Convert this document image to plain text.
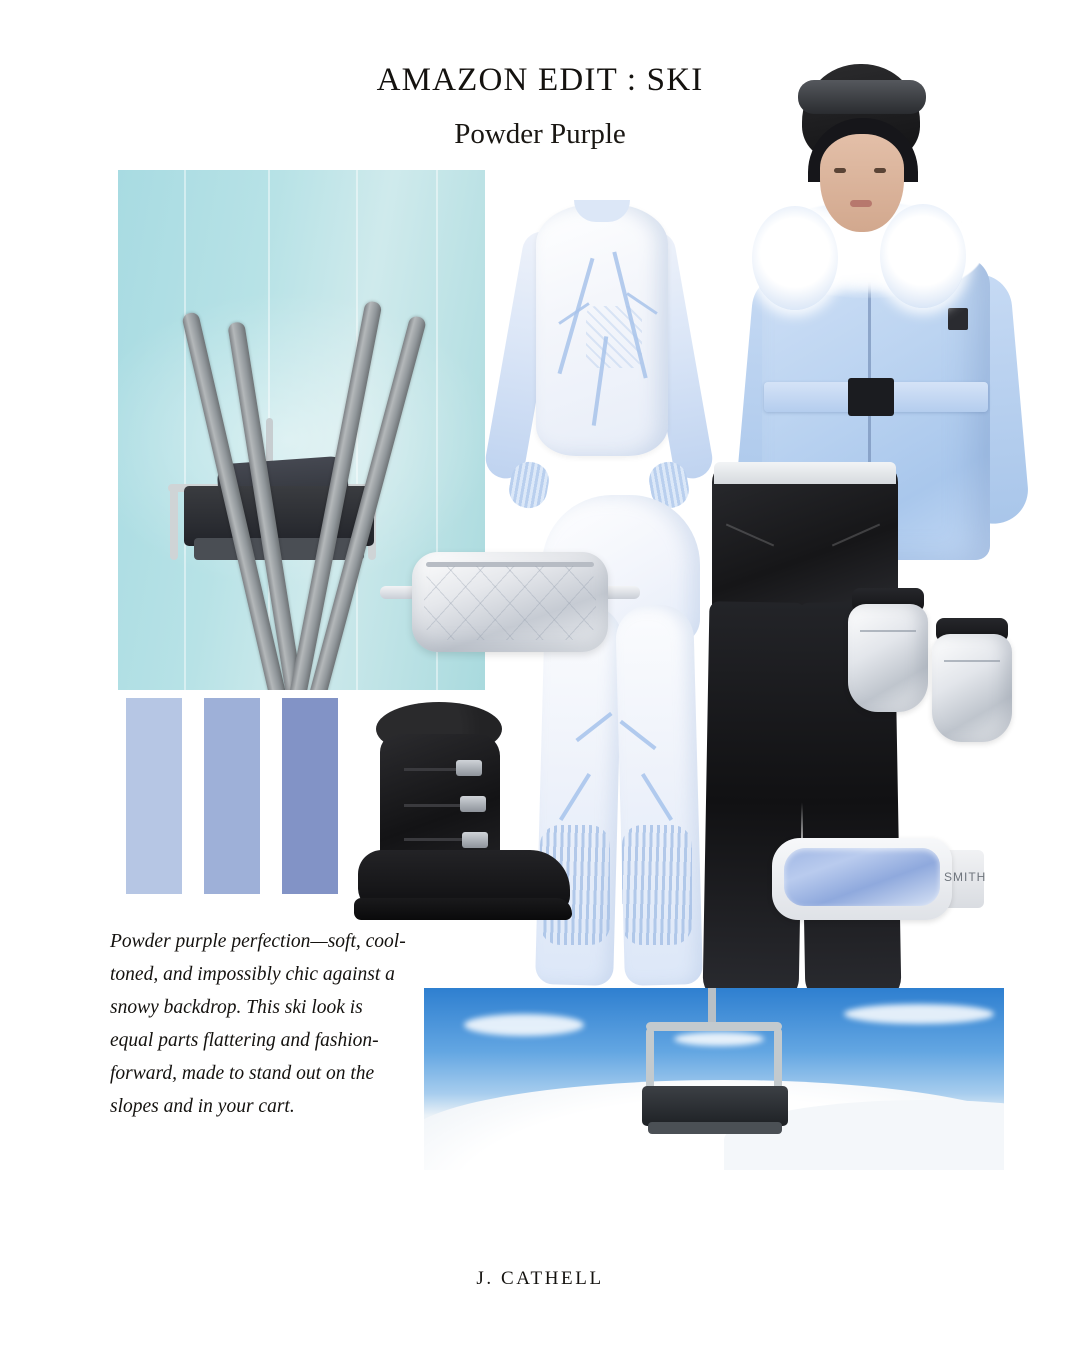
AMAZON EDIT : SKI
Powder Purple
Powder purple perfection—soft, cool-toned, and impossibly chic against a snowy backdrop. This ski look is equal parts flattering and fashion-forward, made to stand out on the slopes and in your cart.
SMITH
J. CATHELL
